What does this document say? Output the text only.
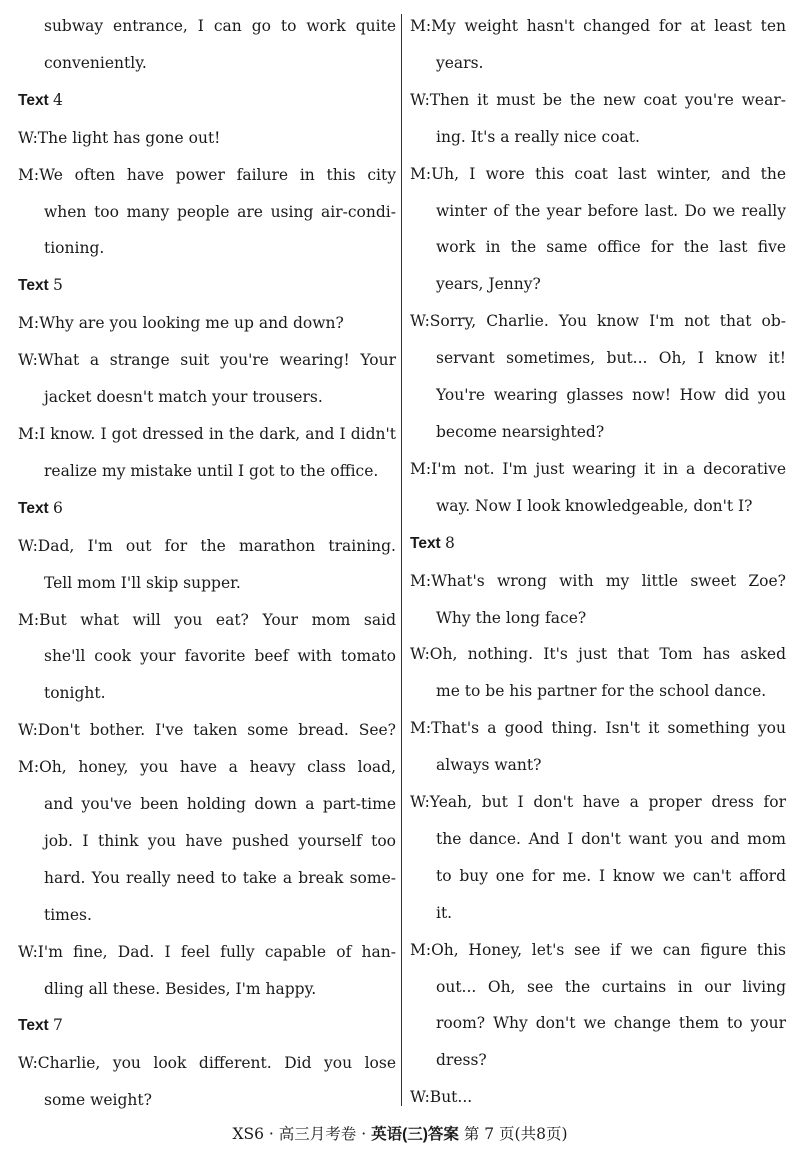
subway entrance, I can go to work quite
conveniently.
Text 4
W:The light has gone out!
M:We often have power failure in this city
when too many people are using air-condi-
tioning.
Text 5
M:Why are you looking me up and down?
W:What a strange suit you're wearing! Your
jacket doesn't match your trousers.
M:I know. I got dressed in the dark, and I didn't
realize my mistake until I got to the office.
Text 6
W:Dad, I'm out for the marathon training.
Tell mom I'll skip supper.
M:But what will you eat? Your mom said
she'll cook your favorite beef with tomato
tonight.
W:Don't bother. I've taken some bread. See?
M:Oh, honey, you have a heavy class load,
and you've been holding down a part-time
job. I think you have pushed yourself too
hard. You really need to take a break some-
times.
W:I'm fine, Dad. I feel fully capable of han-
dling all these. Besides, I'm happy.
Text 7
W:Charlie, you look different. Did you lose
some weight?
M:My weight hasn't changed for at least ten
years.
W:Then it must be the new coat you're wear-
ing. It's a really nice coat.
M:Uh, I wore this coat last winter, and the
winter of the year before last. Do we really
work in the same office for the last five
years, Jenny?
W:Sorry, Charlie. You know I'm not that ob-
servant sometimes, but... Oh, I know it!
You're wearing glasses now! How did you
become nearsighted?
M:I'm not. I'm just wearing it in a decorative
way. Now I look knowledgeable, don't I?
Text 8
M:What's wrong with my little sweet Zoe?
Why the long face?
W:Oh, nothing. It's just that Tom has asked
me to be his partner for the school dance.
M:That's a good thing. Isn't it something you
always want?
W:Yeah, but I don't have a proper dress for
the dance. And I don't want you and mom
to buy one for me. I know we can't afford
it.
M:Oh, Honey, let's see if we can figure this
out... Oh, see the curtains in our living
room? Why don't we change them to your
dress?
W:But...
XS6 · 高三月考卷 · 英语(三)答案 第 7 页(共8页)
